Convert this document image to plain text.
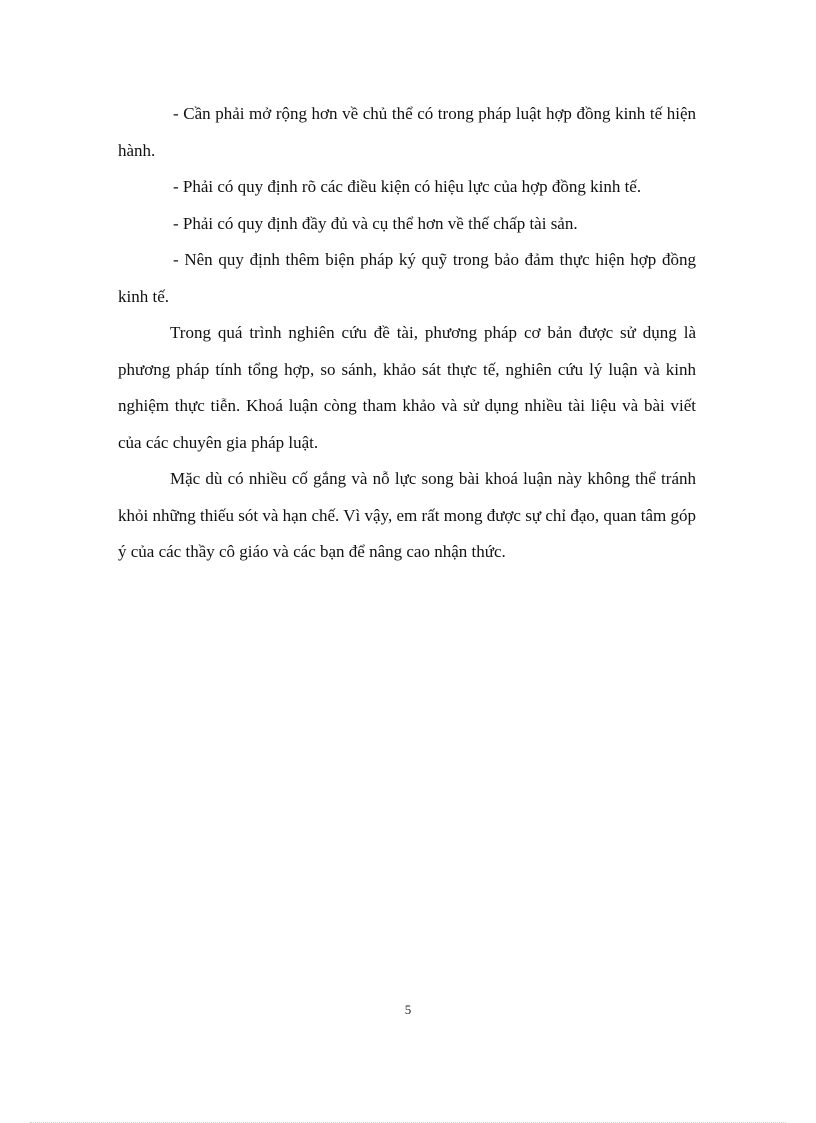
- Cần phải mở rộng hơn về chủ thể có trong pháp luật hợp đồng kinh tế hiện hành.

- Phải có quy định rõ các điều kiện có hiệu lực của hợp đồng kinh tế.

- Phải có quy định đầy đủ và cụ thể hơn về thế chấp tài sản.

- Nên quy định thêm biện pháp ký quỹ trong bảo đảm thực hiện hợp đồng kinh tế.

Trong quá trình nghiên cứu đề tài, phương pháp cơ bản được sử dụng là phương pháp tính tổng hợp, so sánh, khảo sát thực tế, nghiên cứu lý luận và kinh nghiệm thực tiễn. Khoá luận còng tham khảo và sử dụng nhiều tài liệu và bài viết của các chuyên gia pháp luật.

Mặc dù có nhiều cố gắng và nỗ lực song bài khoá luận này không thể tránh khỏi những thiếu sót và hạn chế. Vì vậy, em rất mong được sự chỉ đạo, quan tâm góp ý của các thầy cô giáo và các bạn để nâng cao nhận thức.

5
